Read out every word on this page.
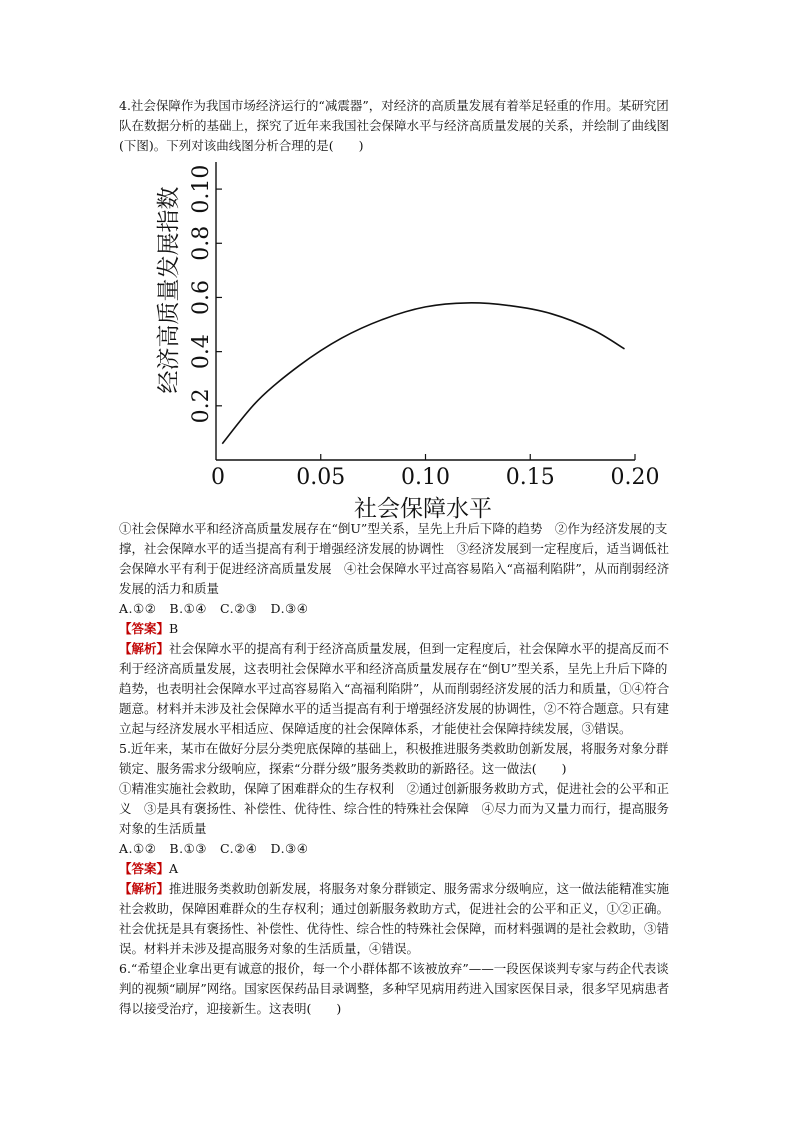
4.社会保障作为我国市场经济运行的“减震器”，对经济的高质量发展有着举足轻重的作用。某研究团队在数据分析的基础上，探究了近年来我国社会保障水平与经济高质量发展的关系，并绘制了曲线图(下图)。下列对该曲线图分析合理的是(　　)

0.2
0.4
0.6
0.8
0.10
0	0.05	0.10	0.15	0.20
经济高质量发展指数
社会保障水平

①社会保障水平和经济高质量发展存在“倒U”型关系，呈先上升后下降的趋势　②作为经济发展的支撑，社会保障水平的适当提高有利于增强经济发展的协调性　③经济发展到一定程度后，适当调低社会保障水平有利于促进经济高质量发展　④社会保障水平过高容易陷入“高福利陷阱”，从而削弱经济发展的活力和质量

A.①②　B.①④　C.②③　D.③④

【答案】B

【解析】社会保障水平的提高有利于经济高质量发展，但到一定程度后，社会保障水平的提高反而不利于经济高质量发展，这表明社会保障水平和经济高质量发展存在“倒U”型关系，呈先上升后下降的趋势，也表明社会保障水平过高容易陷入“高福利陷阱”，从而削弱经济发展的活力和质量，①④符合题意。材料并未涉及社会保障水平的适当提高有利于增强经济发展的协调性，②不符合题意。只有建立起与经济发展水平相适应、保障适度的社会保障体系，才能使社会保障持续发展，③错误。

5.近年来，某市在做好分层分类兜底保障的基础上，积极推进服务类救助创新发展，将服务对象分群锁定、服务需求分级响应，探索“分群分级”服务类救助的新路径。这一做法(　　)

①精准实施社会救助，保障了困难群众的生存权利　②通过创新服务救助方式，促进社会的公平和正义　③是具有褒扬性、补偿性、优待性、综合性的特殊社会保障　④尽力而为又量力而行，提高服务对象的生活质量

A.①②　B.①③　C.②④　D.③④

【答案】A

【解析】推进服务类救助创新发展，将服务对象分群锁定、服务需求分级响应，这一做法能精准实施社会救助，保障困难群众的生存权利；通过创新服务救助方式，促进社会的公平和正义，①②正确。社会优抚是具有褒扬性、补偿性、优待性、综合性的特殊社会保障，而材料强调的是社会救助，③错误。材料并未涉及提高服务对象的生活质量，④错误。

6.“希望企业拿出更有诚意的报价，每一个小群体都不该被放弃”——一段医保谈判专家与药企代表谈判的视频“刷屏”网络。国家医保药品目录调整，多种罕见病用药进入国家医保目录，很多罕见病患者得以接受治疗，迎接新生。这表明(　　)
